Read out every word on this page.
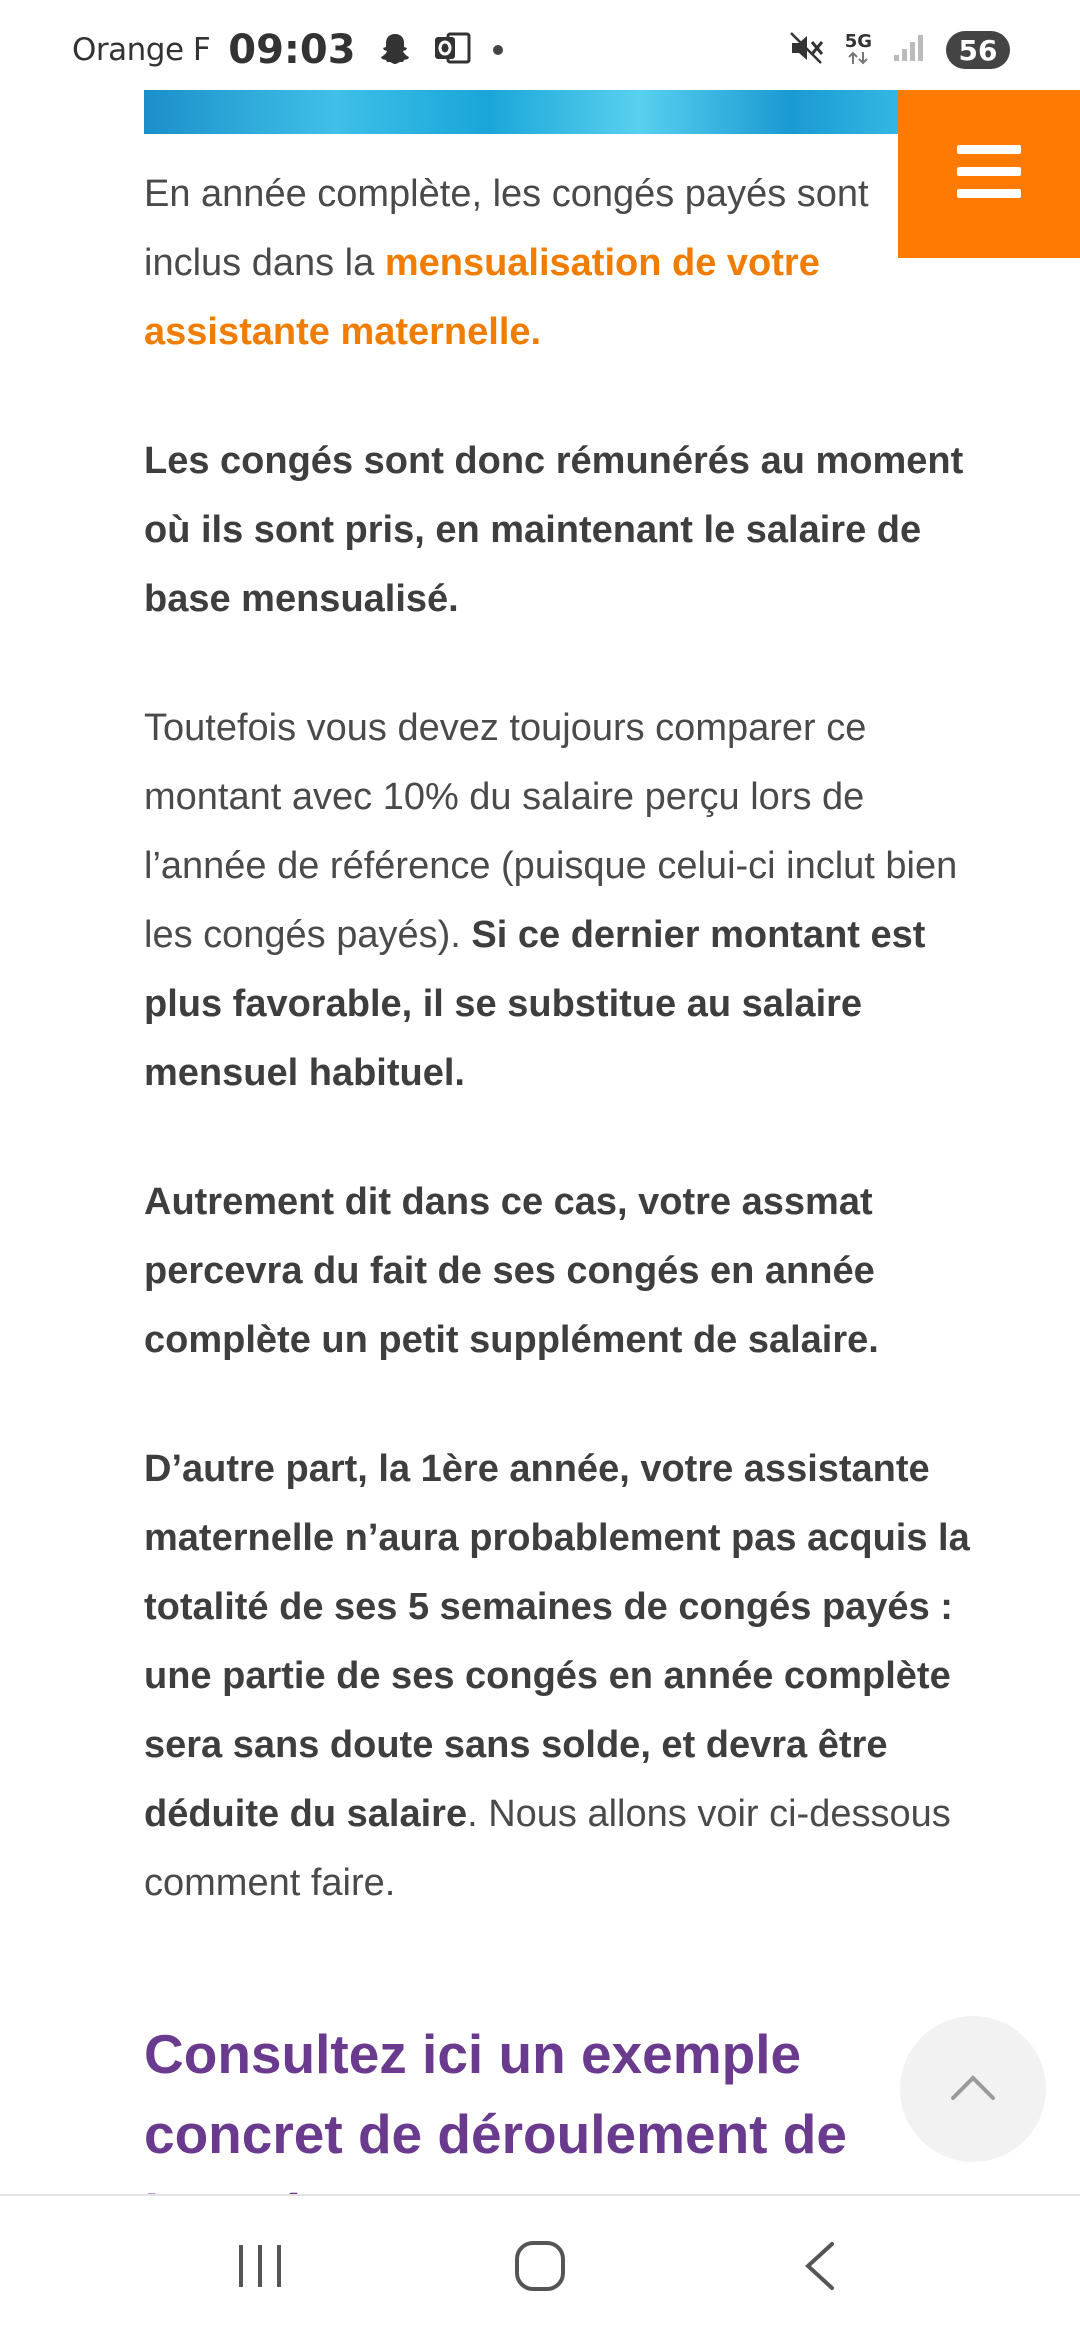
Orange F 09:03	5G	56

En année complète, les congés payés sont inclus dans la mensualisation de votre assistante maternelle.

Les congés sont donc rémunérés au moment où ils sont pris, en maintenant le salaire de base mensualisé.

Toutefois vous devez toujours comparer ce montant avec 10% du salaire perçu lors de l’année de référence (puisque celui-ci inclut bien les congés payés). Si ce dernier montant est plus favorable, il se substitue au salaire mensuel habituel.

Autrement dit dans ce cas, votre assmat percevra du fait de ses congés en année complète un petit supplément de salaire.

D’autre part, la 1ère année, votre assistante maternelle n’aura probablement pas acquis la totalité de ses 5 semaines de congés payés : une partie de ses congés en année complète sera sans doute sans solde, et devra être déduite du salaire. Nous allons voir ci-dessous comment faire.

Consultez ici un exemple concret de déroulement de
